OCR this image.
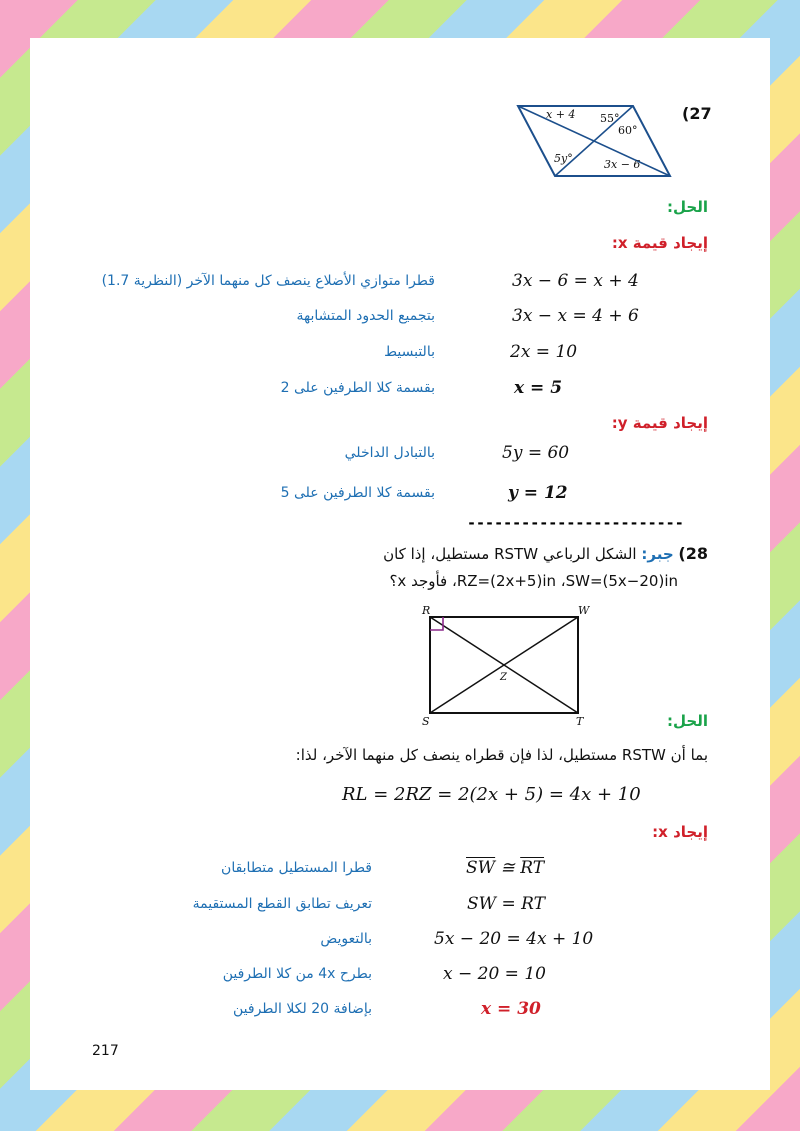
(27
x + 4 55°
60°
5y°	3x − 6
الحل:
إيجاد قيمة x:
3x − 6 = x + 4
قطرا متوازي الأضلاع ينصف كل منهما الآخر (النظرية 1.7)
3x − x = 4 + 6
بتجميع الحدود المتشابهة
2x = 10
بالتبسيط
x = 5
بقسمة كلا الطرفين على 2
إيجاد قيمة y:
5y = 60
بالتبادل الداخلي
y = 12
بقسمة كلا الطرفين على 5
------------------------
28) جبر: الشكل الرباعي RSTW مستطيل، إذا كان
RZ=(2x+5)in ،SW=(5x−20)in، فأوجد x؟
R	W
S	T
Z
الحل:
بما أن RSTW مستطيل، لذا فإن قطراه ينصف كل منهما الآخر، لذا:
RL = 2RZ = 2(2x + 5) = 4x + 10
إيجاد x:
$\overline{SW}$ ≅ $\overline{RT}$
قطرا المستطيل متطابقان
SW = RT
تعريف تطابق القطع المستقيمة
5x − 20 = 4x + 10
بالتعويض
x − 20 = 10
بطرح 4x من كلا الطرفين
x = 30
بإضافة 20 لكلا الطرفين
217
